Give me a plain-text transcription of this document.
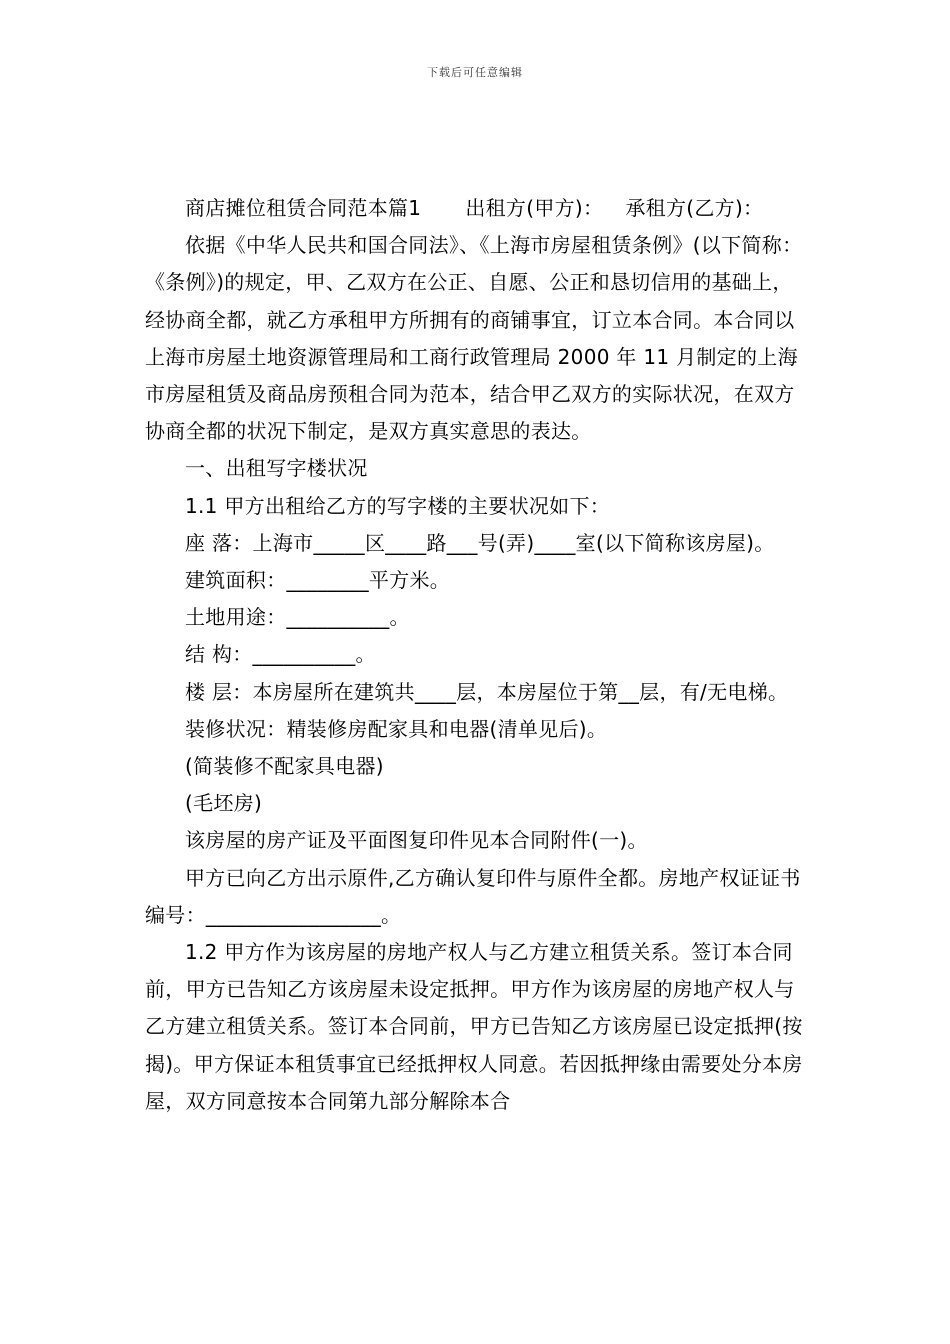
下载后可任意编辑

商店摊位租赁合同范本篇1 出租方(甲方)： 承租方(乙方)：

依据《中华人民共和国合同法》、《上海市房屋租赁条例》(以下简称：《条例》)的规定，甲、乙双方在公正、自愿、公正和恳切信用的基础上，经协商全都，就乙方承租甲方所拥有的商铺事宜，订立本合同。本合同以上海市房屋土地资源管理局和工商行政管理局 2000 年 11 月制定的上海市房屋租赁及商品房预租合同为范本，结合甲乙双方的实际状况，在双方协商全都的状况下制定，是双方真实意思的表达。

一、出租写字楼状况

1.1 甲方出租给乙方的写字楼的主要状况如下：

座 落：上海市_____区____路___号(弄)____室(以下简称该房屋)。

建筑面积：________平方米。

土地用途：__________。

结 构：__________。

楼 层：本房屋所在建筑共____层，本房屋位于第__层，有/无电梯。

装修状况：精装修房配家具和电器(清单见后)。

(简装修不配家具电器)

(毛坯房)

该房屋的房产证及平面图复印件见本合同附件(一)。

甲方已向乙方出示原件,乙方确认复印件与原件全都。房地产权证证书编号：_________________。

1.2 甲方作为该房屋的房地产权人与乙方建立租赁关系。签订本合同前，甲方已告知乙方该房屋未设定抵押。甲方作为该房屋的房地产权人与乙方建立租赁关系。签订本合同前，甲方已告知乙方该房屋已设定抵押(按揭)。甲方保证本租赁事宜已经抵押权人同意。若因抵押缘由需要处分本房屋，双方同意按本合同第九部分解除本合
